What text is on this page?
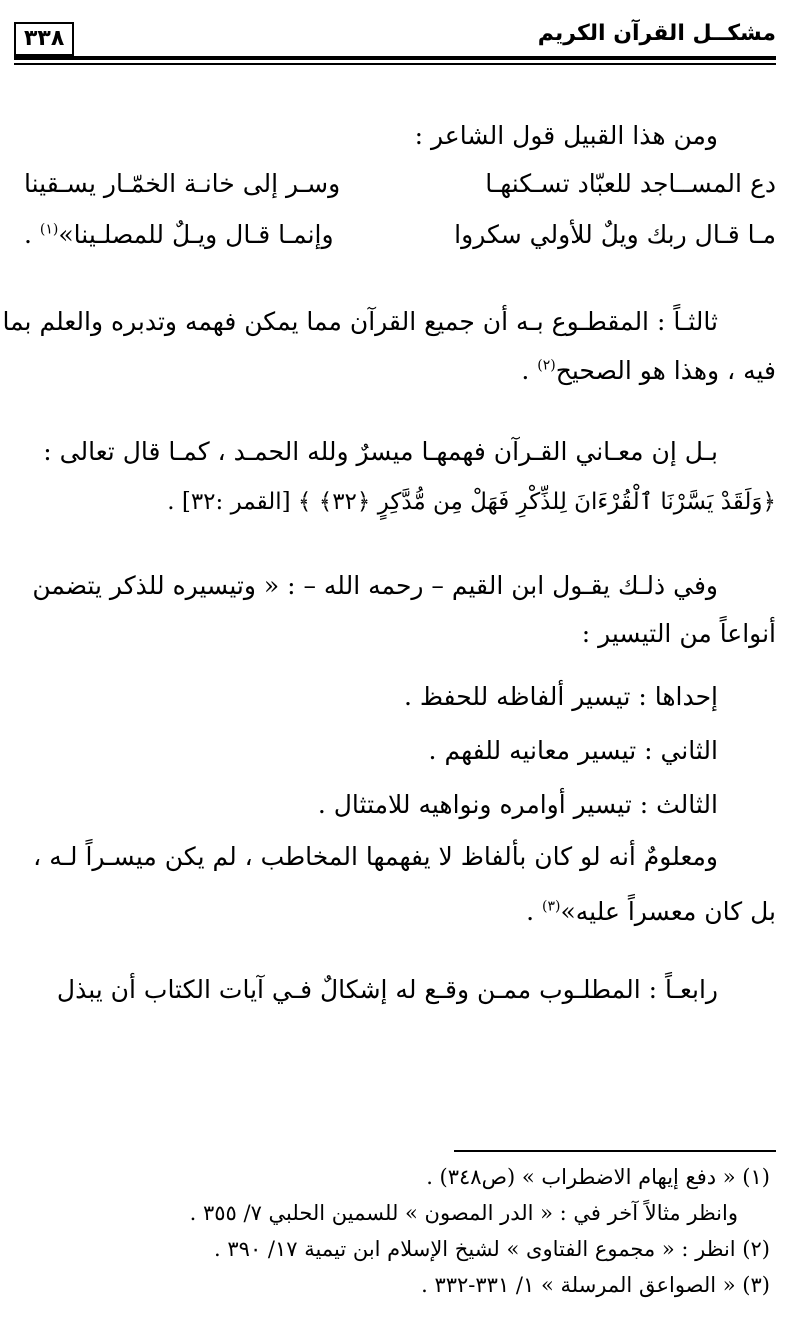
مشكــل القرآن الكريم
٣٣٨
ومن هذا القبيل قول الشاعر :
دع المســاجد للعبّاد تسـكنهـا
وسـر إلى خانـة الخمّـار يسـقينا
مـا قـال ربك ويلٌ للأولي سكروا
وإنمـا قـال ويـلٌ للمصلـينا»$^{(١)}$ .
ثالثـاً : المقطـوع بـه أن جميع القرآن مما يمكن فهمه وتدبره والعلم بما
فيه ، وهذا هو الصحيح$^{(٢)}$ .
بـل إن معـاني القـرآن فهمهـا ميسرٌ ولله الحمـد ، كمـا قال تعالى :
﴿وَلَقَدْ يَسَّرْنَا ٱلْقُرْءَانَ لِلذِّكْرِ فَهَلْ مِن مُّدَّكِرٍ ﴿٣٢﴾ ﴾ [القمر :٣٢] .
وفي ذلـك يقـول ابن القيم – رحمه الله – : « وتيسيره للذكر يتضمن
أنواعاً من التيسير :
إحداها : تيسير ألفاظه للحفظ .
الثاني : تيسير معانيه للفهم .
الثالث : تيسير أوامره ونواهيه للامتثال .
ومعلومٌ أنه لو كان بألفاظ لا يفهمها المخاطب ، لم يكن ميسـراً لـه ،
بل كان معسراً عليه»$^{(٣)}$ .
رابعـاً : المطلـوب ممـن وقـع له إشكالٌ فـي آيات الكتاب أن يبذل
(١) « دفع إيهام الاضطراب » (ص٣٤٨) .
وانظر مثالاً آخر في : « الدر المصون » للسمين الحلبي ٧/ ٣٥٥ .
(٢) انظر : « مجموع الفتاوى » لشيخ الإسلام ابن تيمية ١٧/ ٣٩٠ .
(٣) « الصواعق المرسلة » ١/ ٣٣١-٣٣٢ .
